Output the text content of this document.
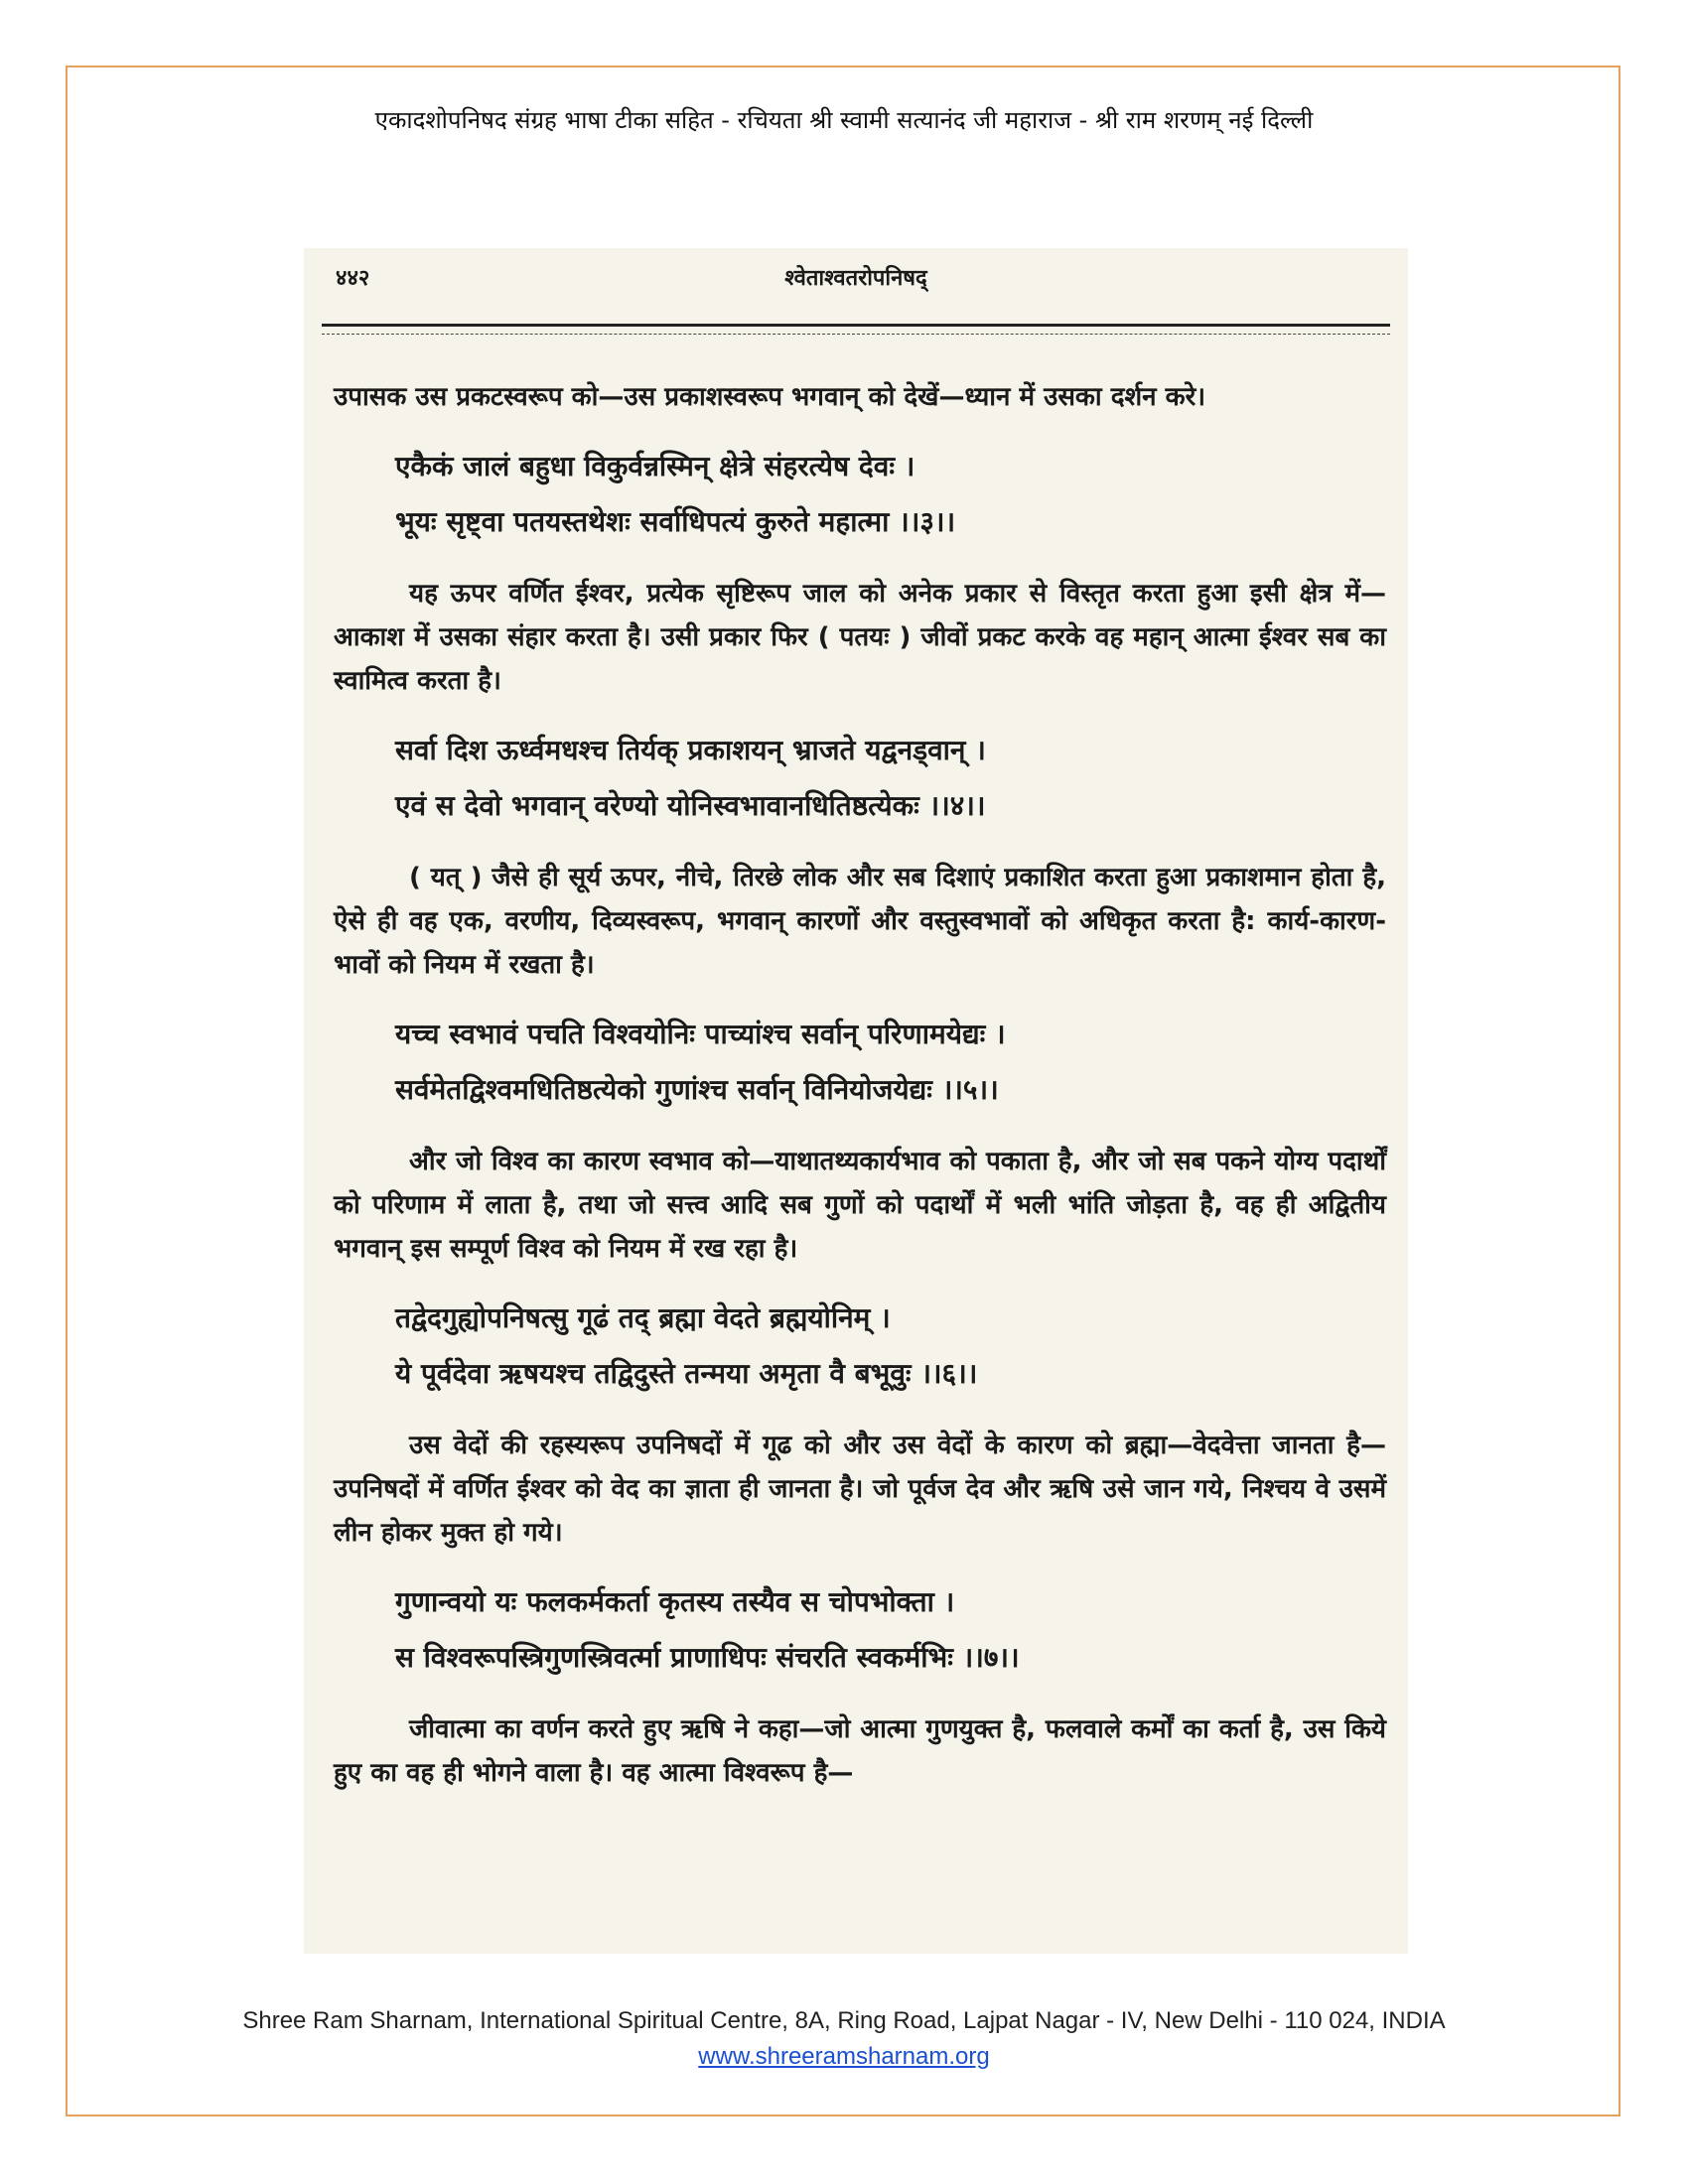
एकादशोपनिषद संग्रह भाषा टीका सहित - रचियता श्री स्वामी सत्यानंद जी महाराज - श्री राम शरणम् नई दिल्ली
४४२	श्वेताश्वतरोपनिषद्

उपासक उस प्रकटस्वरूप को—उस प्रकाशस्वरूप भगवान् को देखें—ध्यान में उसका दर्शन करे।

एकैकं जालं बहुधा विकुर्वन्नस्मिन् क्षेत्रे संहरत्येष देवः ।
भूयः सृष्ट्वा पतयस्तथेशः सर्वाधिपत्यं कुरुते महात्मा ।।३।।

यह ऊपर वर्णित ईश्वर, प्रत्येक सृष्टिरूप जाल को अनेक प्रकार से विस्तृत करता हुआ इसी क्षेत्र में—आकाश में उसका संहार करता है। उसी प्रकार फिर ( पतयः ) जीवों प्रकट करके वह महान् आत्मा ईश्वर सब का स्वामित्व करता है।

सर्वा दिश ऊर्ध्वमधश्च तिर्यक् प्रकाशयन् भ्राजते यद्वनड्वान् ।
एवं स देवो भगवान् वरेण्यो योनिस्वभावानधितिष्ठत्येकः ।।४।।

( यत् ) जैसे ही सूर्य ऊपर, नीचे, तिरछे लोक और सब दिशाएं प्रकाशित करता हुआ प्रकाशमान होता है, ऐसे ही वह एक, वरणीय, दिव्यस्वरूप, भगवान् कारणों और वस्तुस्वभावों को अधिकृत करता है: कार्य-कारण-भावों को नियम में रखता है।

यच्च स्वभावं पचति विश्वयोनिः पाच्यांश्च सर्वान् परिणामयेद्यः ।
सर्वमेतद्विश्वमधितिष्ठत्येको गुणांश्च सर्वान् विनियोजयेद्यः ।।५।।

और जो विश्व का कारण स्वभाव को—याथातथ्यकार्यभाव को पकाता है, और जो सब पकने योग्य पदार्थों को परिणाम में लाता है, तथा जो सत्त्व आदि सब गुणों को पदार्थों में भली भांति जोड़ता है, वह ही अद्वितीय भगवान् इस सम्पूर्ण विश्व को नियम में रख रहा है।

तद्वेदगुह्योपनिषत्सु गूढं तद् ब्रह्मा वेदते ब्रह्मयोनिम् ।
ये पूर्वदेवा ऋषयश्च तद्विदुस्ते तन्मया अमृता वै बभूवुः ।।६।।

उस वेदों की रहस्यरूप उपनिषदों में गूढ को और उस वेदों के कारण को ब्रह्मा—वेदवेत्ता जानता है—उपनिषदों में वर्णित ईश्वर को वेद का ज्ञाता ही जानता है। जो पूर्वज देव और ऋषि उसे जान गये, निश्चय वे उसमें लीन होकर मुक्त हो गये।

गुणान्वयो यः फलकर्मकर्ता कृतस्य तस्यैव स चोपभोक्ता ।
स विश्वरूपस्त्रिगुणस्त्रिवर्त्मा प्राणाधिपः संचरति स्वकर्मभिः ।।७।।

जीवात्मा का वर्णन करते हुए ऋषि ने कहा—जो आत्मा गुणयुक्त है, फलवाले कर्मों का कर्ता है, उस किये हुए का वह ही भोगने वाला है। वह आत्मा विश्वरूप है—

Shree Ram Sharnam, International Spiritual Centre, 8A, Ring Road, Lajpat Nagar - IV, New Delhi - 110 024, INDIA
www.shreeramsharnam.org
